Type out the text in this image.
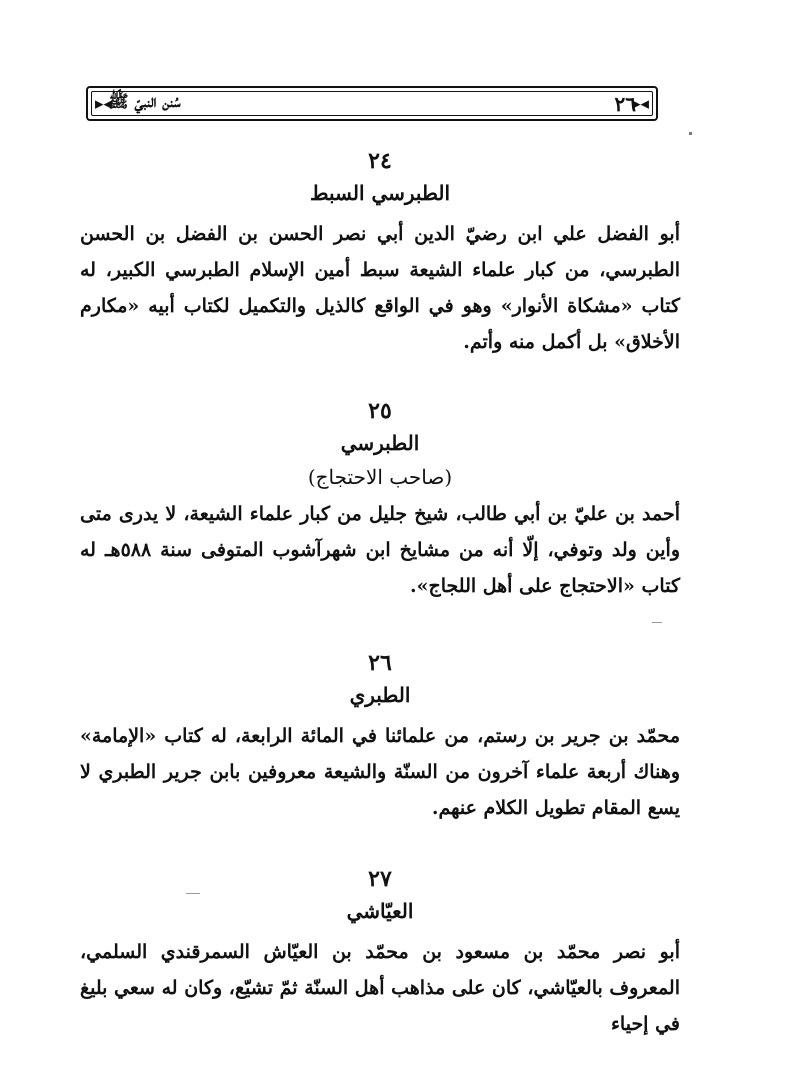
◀▶
٢٦
سُنن النبيّ ﷺ
◀▶
٢٤
الطبرسي السبط
أبو الفضل علي ابن رضيّ الدين أبي نصر الحسن بن الفضل بن الحسن الطبرسي، من كبار علماء الشيعة سبط أمين الإسلام الطبرسي الكبير، له كتاب «مشكاة الأنوار» وهو في الواقع كالذيل والتكميل لكتاب أبيه «مكارم الأخلاق» بل أكمل منه وأتم.
٢٥
الطبرسي
(صاحب الاحتجاج)
أحمد بن عليّ بن أبي طالب، شيخ جليل من كبار علماء الشيعة، لا يدرى متى وأين ولد وتوفي، إلّا أنه من مشايخ ابن شهرآشوب المتوفى سنة ٥٨٨هـ له كتاب «الاحتجاج على أهل اللجاج».
٢٦
الطبري
محمّد بن جرير بن رستم، من علمائنا في المائة الرابعة، له كتاب «الإمامة» وهناك أربعة علماء آخرون من السنّة والشيعة معروفين بابن جرير الطبري لا يسع المقام تطويل الكلام عنهم.
٢٧
العيّاشي
أبو نصر محمّد بن مسعود بن محمّد بن العيّاش السمرقندي السلمي، المعروف بالعيّاشي، كان على مذاهب أهل السنّة ثمّ تشيّع، وكان له سعي بليغ في إحياء
